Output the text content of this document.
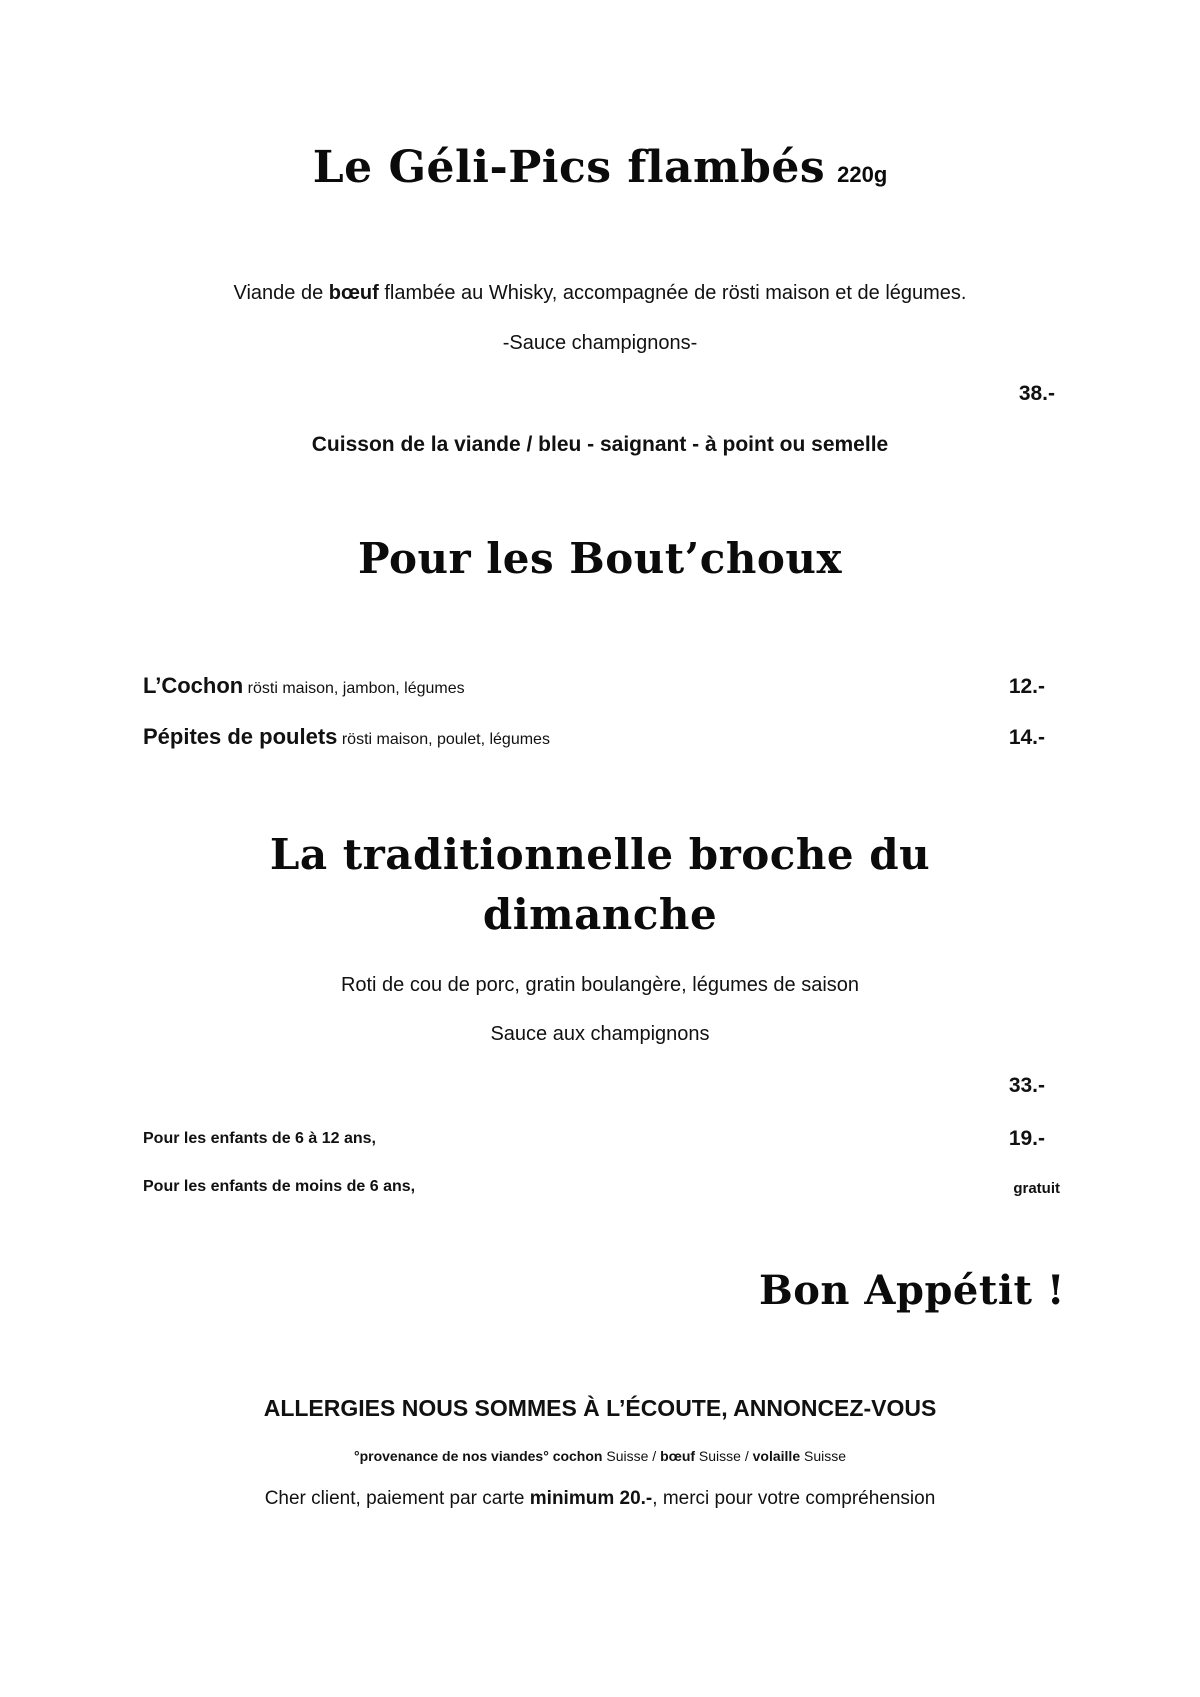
Le Géli-Pics flambés 220g

Viande de bœuf flambée au Whisky, accompagnée de rösti maison et de légumes.

-Sauce champignons-

38.-

Cuisson de la viande / bleu - saignant - à point ou semelle

Pour les Bout’choux
L’Cochon rösti maison, jambon, légumes	12.-

Pépites de poulets rösti maison, poulet, légumes	14.-

La traditionnelle broche du
dimanche

Roti de cou de porc, gratin boulangère, légumes de saison

Sauce aux champignons

33.-

Pour les enfants de 6 à 12 ans,	19.-

Pour les enfants de moins de 6 ans,	gratuit

Bon Appétit !

ALLERGIES NOUS SOMMES À L’ÉCOUTE, ANNONCEZ-VOUS

°provenance de nos viandes° cochon Suisse / bœuf Suisse / volaille Suisse

Cher client, paiement par carte minimum 20.-, merci pour votre compréhension
